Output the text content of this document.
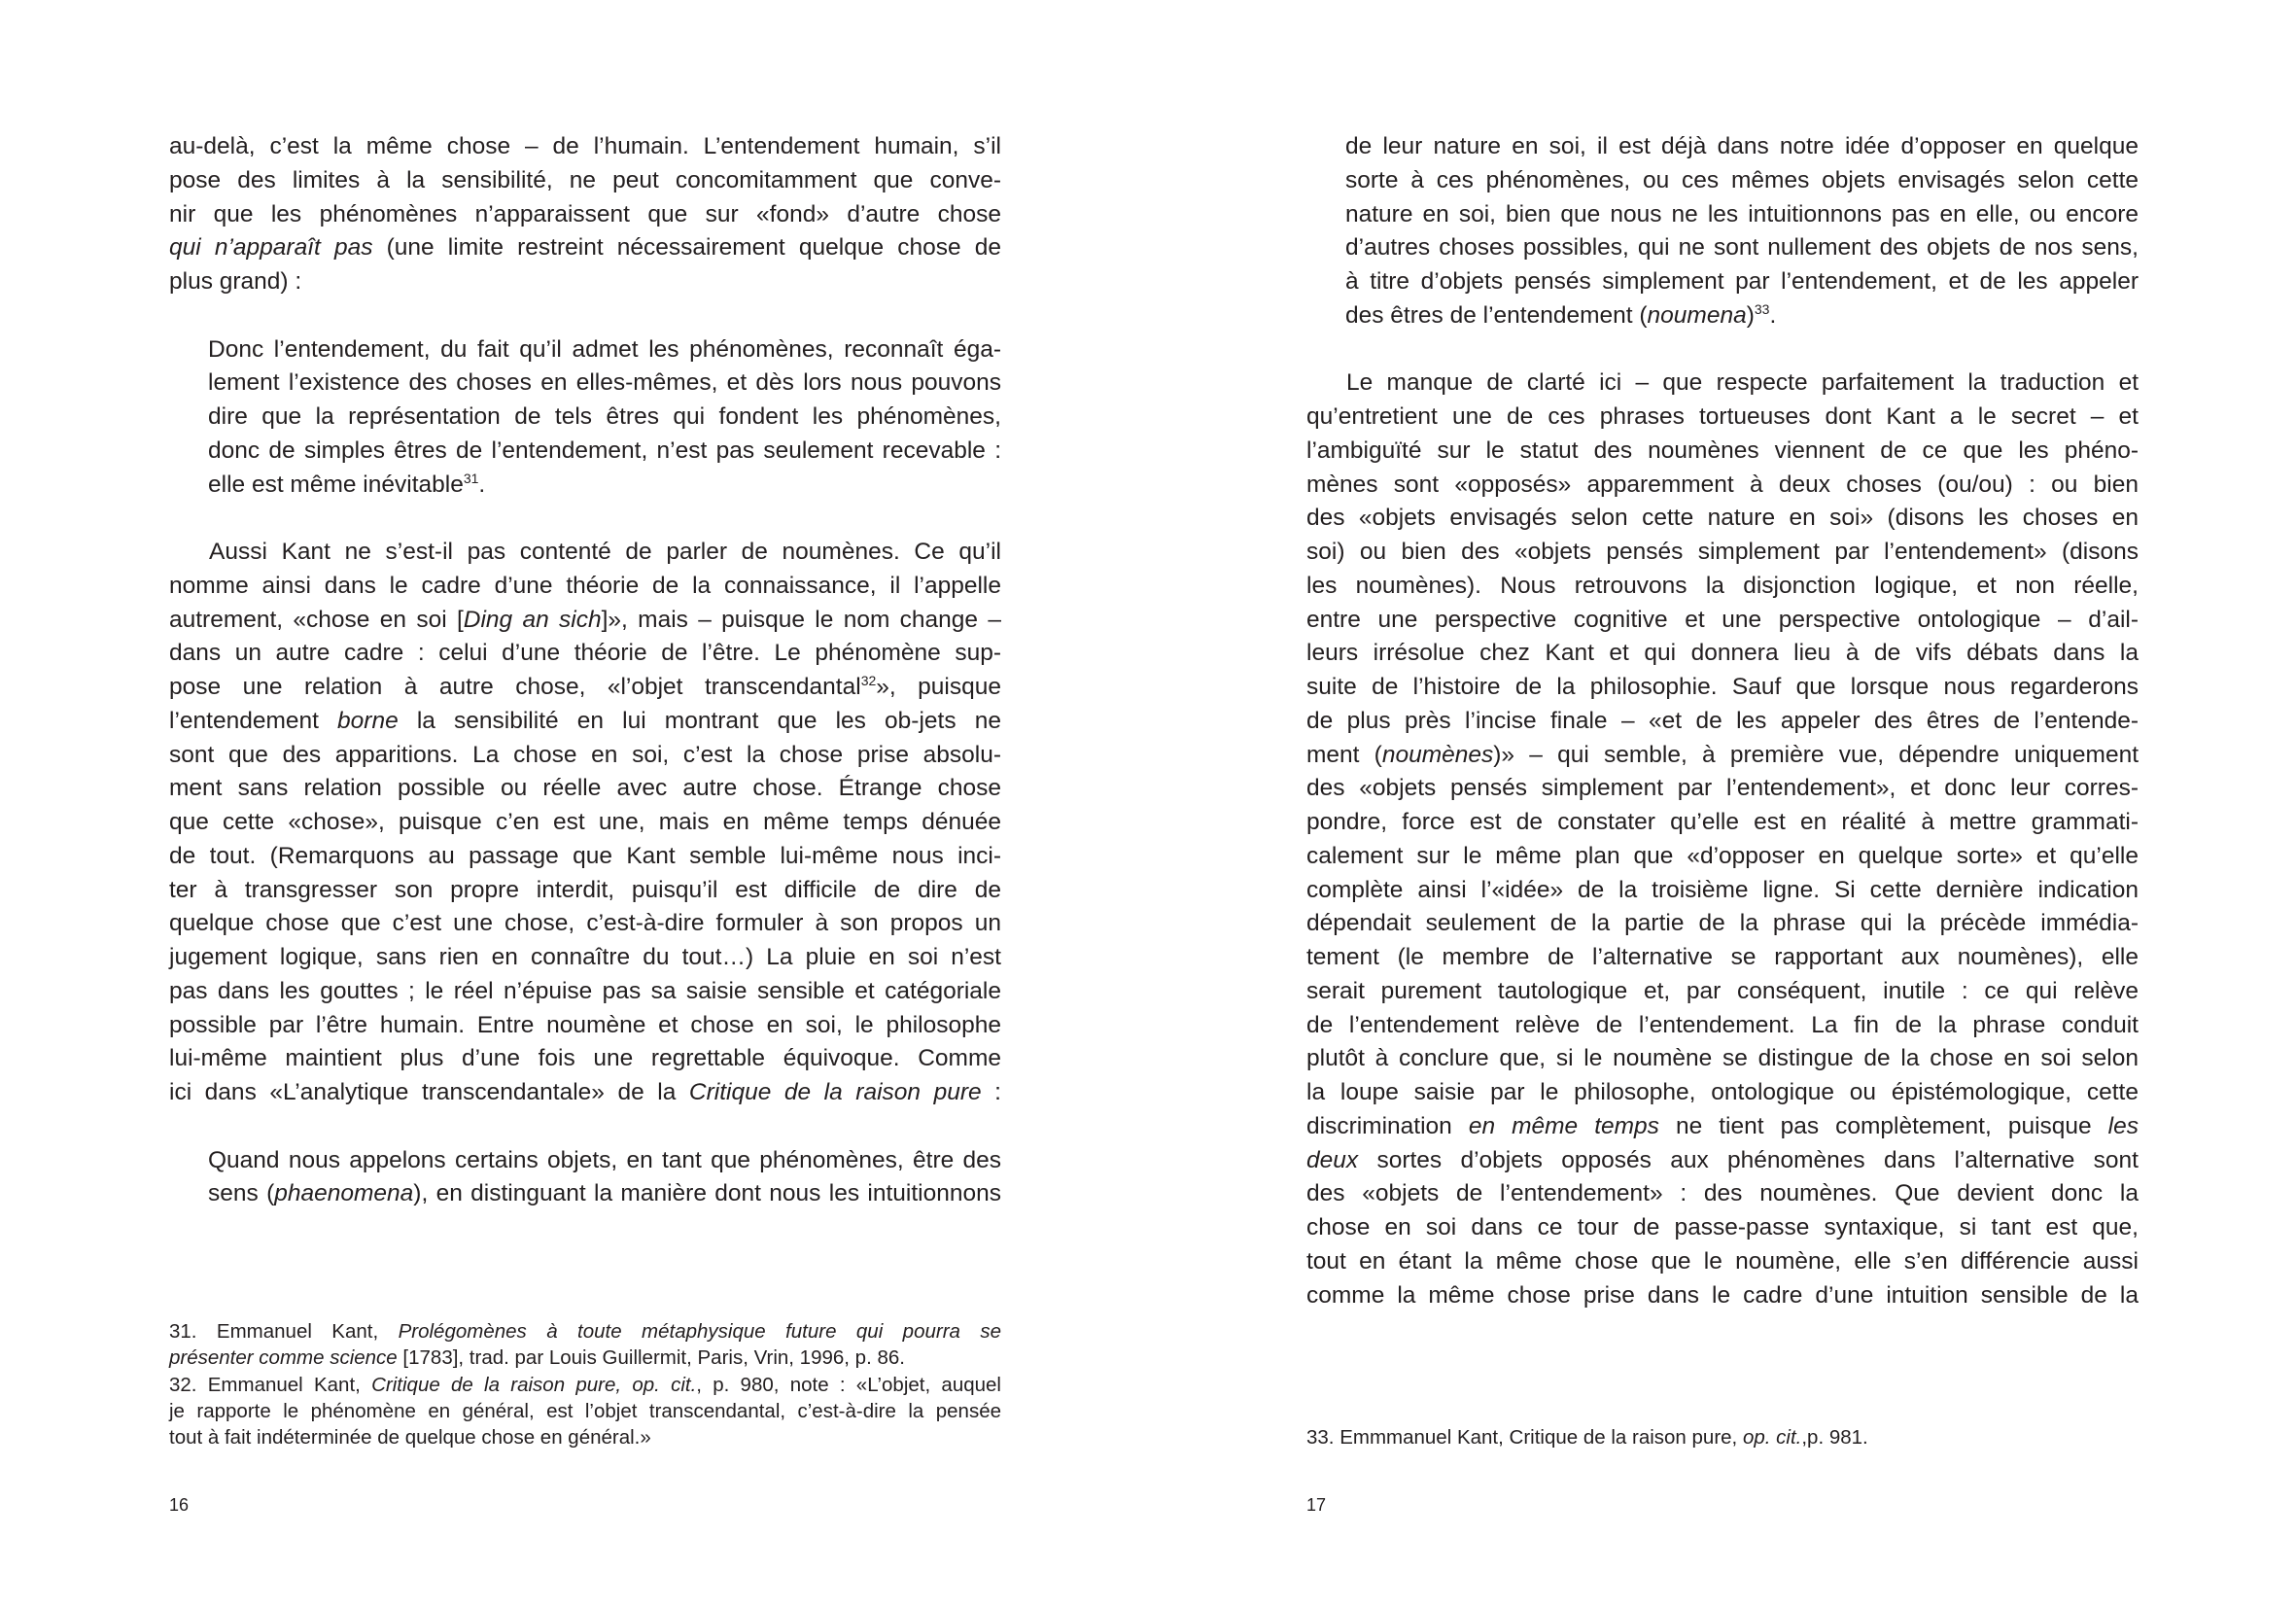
au-delà, c’est la même chose – de l’humain. L’entendement humain, s’il
pose des limites à la sensibilité, ne peut concomitamment que conve-
nir que les phénomènes n’apparaissent que sur «fond» d’autre chose
qui n’apparaît pas (une limite restreint nécessairement quelque chose de
plus grand) :
Donc l’entendement, du fait qu’il admet les phénomènes, reconnaît éga-
lement l’existence des choses en elles-mêmes, et dès lors nous pouvons
dire que la représentation de tels êtres qui fondent les phénomènes,
donc de simples êtres de l’entendement, n’est pas seulement recevable :
elle est même inévitable$^{31}$.
Aussi Kant ne s’est-il pas contenté de parler de noumènes. Ce qu’il
nomme ainsi dans le cadre d’une théorie de la connaissance, il l’appelle
autrement, «chose en soi [Ding an sich]», mais – puisque le nom change –
dans un autre cadre : celui d’une théorie de l’être. Le phénomène sup-
pose une relation à autre chose, «l’objet transcendantal$^{32}$», puisque
l’entendement borne la sensibilité en lui montrant que les ob-jets ne
sont que des apparitions. La chose en soi, c’est la chose prise absolu-
ment sans relation possible ou réelle avec autre chose. Étrange chose
que cette «chose», puisque c’en est une, mais en même temps dénuée
de tout. (Remarquons au passage que Kant semble lui-même nous inci-
ter à transgresser son propre interdit, puisqu’il est difficile de dire de
quelque chose que c’est une chose, c’est-à-dire formuler à son propos un
jugement logique, sans rien en connaître du tout…) La pluie en soi n’est
pas dans les gouttes ; le réel n’épuise pas sa saisie sensible et catégoriale
possible par l’être humain. Entre noumène et chose en soi, le philosophe
lui-même maintient plus d’une fois une regrettable équivoque. Comme
ici dans «L’analytique transcendantale» de la Critique de la raison pure :
Quand nous appelons certains objets, en tant que phénomènes, être des
sens (phaenomena), en distinguant la manière dont nous les intuitionnons
de leur nature en soi, il est déjà dans notre idée d’opposer en quelque
sorte à ces phénomènes, ou ces mêmes objets envisagés selon cette
nature en soi, bien que nous ne les intuitionnons pas en elle, ou encore
d’autres choses possibles, qui ne sont nullement des objets de nos sens,
à titre d’objets pensés simplement par l’entendement, et de les appeler
des êtres de l’entendement (noumena)$^{33}$.
Le manque de clarté ici – que respecte parfaitement la traduction et
qu’entretient une de ces phrases tortueuses dont Kant a le secret – et
l’ambiguïté sur le statut des noumènes viennent de ce que les phéno-
mènes sont «opposés» apparemment à deux choses (ou/ou) : ou bien
des «objets envisagés selon cette nature en soi» (disons les choses en
soi) ou bien des «objets pensés simplement par l’entendement» (disons
les noumènes). Nous retrouvons la disjonction logique, et non réelle,
entre une perspective cognitive et une perspective ontologique – d’ail-
leurs irrésolue chez Kant et qui donnera lieu à de vifs débats dans la
suite de l’histoire de la philosophie. Sauf que lorsque nous regarderons
de plus près l’incise finale – «et de les appeler des êtres de l’entende-
ment (noumènes)» – qui semble, à première vue, dépendre uniquement
des «objets pensés simplement par l’entendement», et donc leur corres-
pondre, force est de constater qu’elle est en réalité à mettre grammati-
calement sur le même plan que «d’opposer en quelque sorte» et qu’elle
complète ainsi l’«idée» de la troisième ligne. Si cette dernière indication
dépendait seulement de la partie de la phrase qui la précède immédia-
tement (le membre de l’alternative se rapportant aux noumènes), elle
serait purement tautologique et, par conséquent, inutile : ce qui relève
de l’entendement relève de l’entendement. La fin de la phrase conduit
plutôt à conclure que, si le noumène se distingue de la chose en soi selon
la loupe saisie par le philosophe, ontologique ou épistémologique, cette
discrimination en même temps ne tient pas complètement, puisque les
deux sortes d’objets opposés aux phénomènes dans l’alternative sont
des «objets de l’entendement» : des noumènes. Que devient donc la
chose en soi dans ce tour de passe-passe syntaxique, si tant est que,
tout en étant la même chose que le noumène, elle s’en différencie aussi
comme la même chose prise dans le cadre d’une intuition sensible de la
31. Emmanuel Kant, Prolégomènes à toute métaphysique future qui pourra se
présenter comme science [1783], trad. par Louis Guillermit, Paris, Vrin, 1996, p. 86.
32. Emmanuel Kant, Critique de la raison pure, op. cit., p. 980, note : «L’objet, auquel
je rapporte le phénomène en général, est l’objet transcendantal, c’est-à-dire la pensée
tout à fait indéterminée de quelque chose en général.»	33. Emmmanuel Kant, Critique de la raison pure, op. cit.,p. 981.
16	17
